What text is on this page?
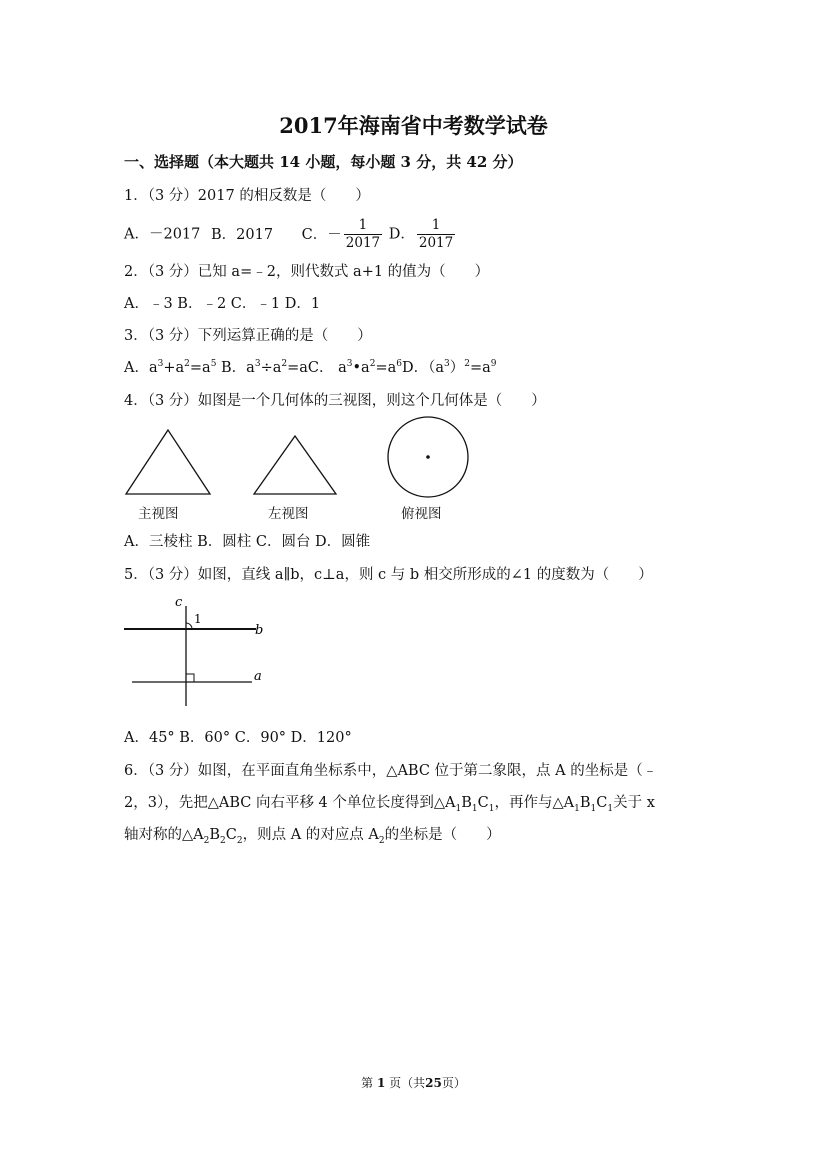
2017年海南省中考数学试卷
一、选择题（本大题共 14 小题，每小题 3 分，共 42 分）
1．（3 分）2017 的相反数是（　　）
A．－2017 B．2017 C．－ $\frac{1}{2017}$ D． $\frac{1}{2017}$
2．（3 分）已知 a=﹣2，则代数式 a+1 的值为（　　）
A．﹣3 B．﹣2 C．﹣1 D．1
3．（3 分）下列运算正确的是（　　）
A．$a^3+a^2=a^5$ B．$a^3\div a^2=aC$． $a^3•a^2=a^6D$．$(a^3)^2=a^9$
4．（3 分）如图是一个几何体的三视图，则这个几何体是（　　）
主视图	左视图	俯视图
A．三棱柱 B．圆柱 C．圆台 D．圆锥
5．（3 分）如图，直线 a∥b，c⊥a，则 c 与 b 相交所形成的∠1 的度数为（　　）
c
1
b
a
A．45° B．60° C．90° D．120°
6．（3 分）如图，在平面直角坐标系中，△ABC 位于第二象限，点 A 的坐标是（﹣
2，3），先把△ABC 向右平移 4 个单位长度得到$\triangle A_1B_1C_1$，再作与$\triangle A_1B_1C_1$关于 x
轴对称的$\triangle A_2B_2C_2$，则点 A 的对应点 $A_2$的坐标是（　　）
第 1 页（共25页）
